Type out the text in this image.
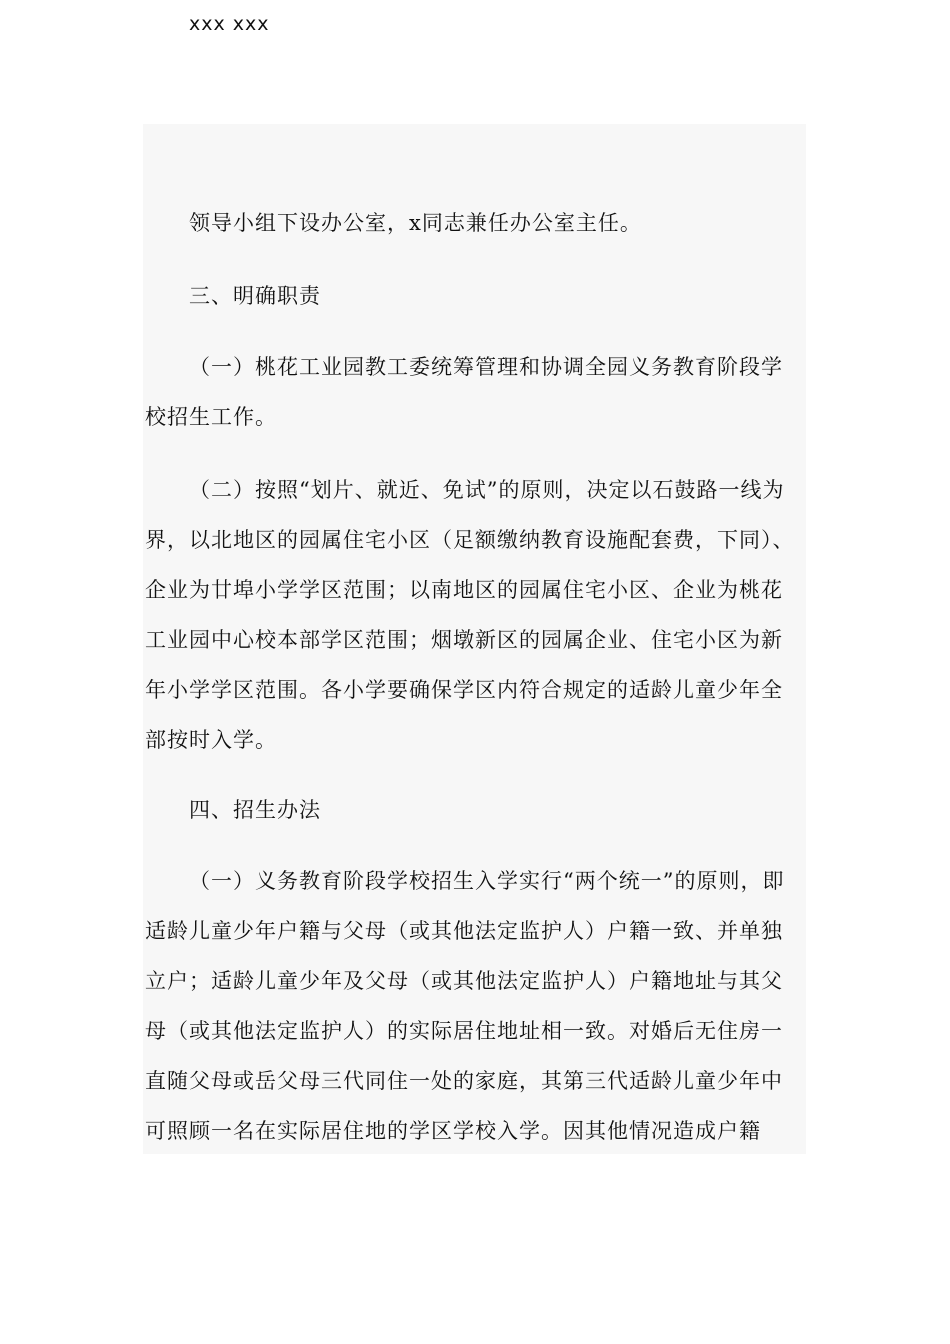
xxx xxx

领导小组下设办公室，x同志兼任办公室主任。

三、明确职责

（一）桃花工业园教工委统筹管理和协调全园义务教育阶段学校招生工作。

（二）按照“划片、就近、免试”的原则，决定以石鼓路一线为界，以北地区的园属住宅小区（足额缴纳教育设施配套费，下同）、企业为廿埠小学学区范围；以南地区的园属住宅小区、企业为桃花工业园中心校本部学区范围；烟墩新区的园属企业、住宅小区为新年小学学区范围。各小学要确保学区内符合规定的适龄儿童少年全部按时入学。

四、招生办法

（一）义务教育阶段学校招生入学实行“两个统一”的原则，即适龄儿童少年户籍与父母（或其他法定监护人）户籍一致、并单独立户；适龄儿童少年及父母（或其他法定监护人）户籍地址与其父母（或其他法定监护人）的实际居住地址相一致。对婚后无住房一直随父母或岳父母三代同住一处的家庭，其第三代适龄儿童少年中可照顾一名在实际居住地的学区学校入学。因其他情况造成户籍
